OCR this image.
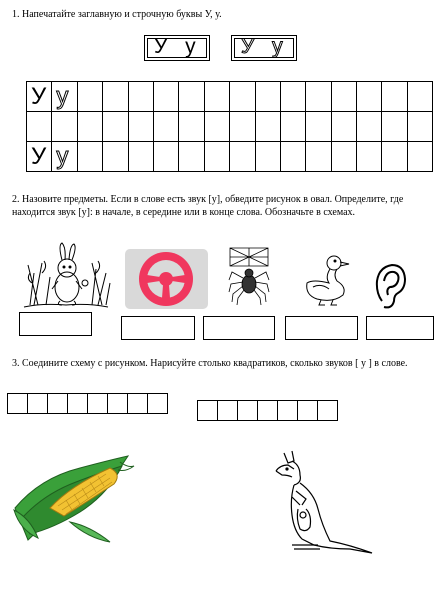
1. Напечатайте заглавную и строчную буквы У, у.
У у У у
У	у														

У	у														

2. Назовите предметы. Если в слове есть звук [у], обведите рисунок в овал. Определите, где находится звук [у]: в начале, в середине или в конце слова. Обозначьте в схемах.
3. Соедините схему с рисунком. Нарисуйте столько квадратиков, сколько звуков [ у ] в слове.
